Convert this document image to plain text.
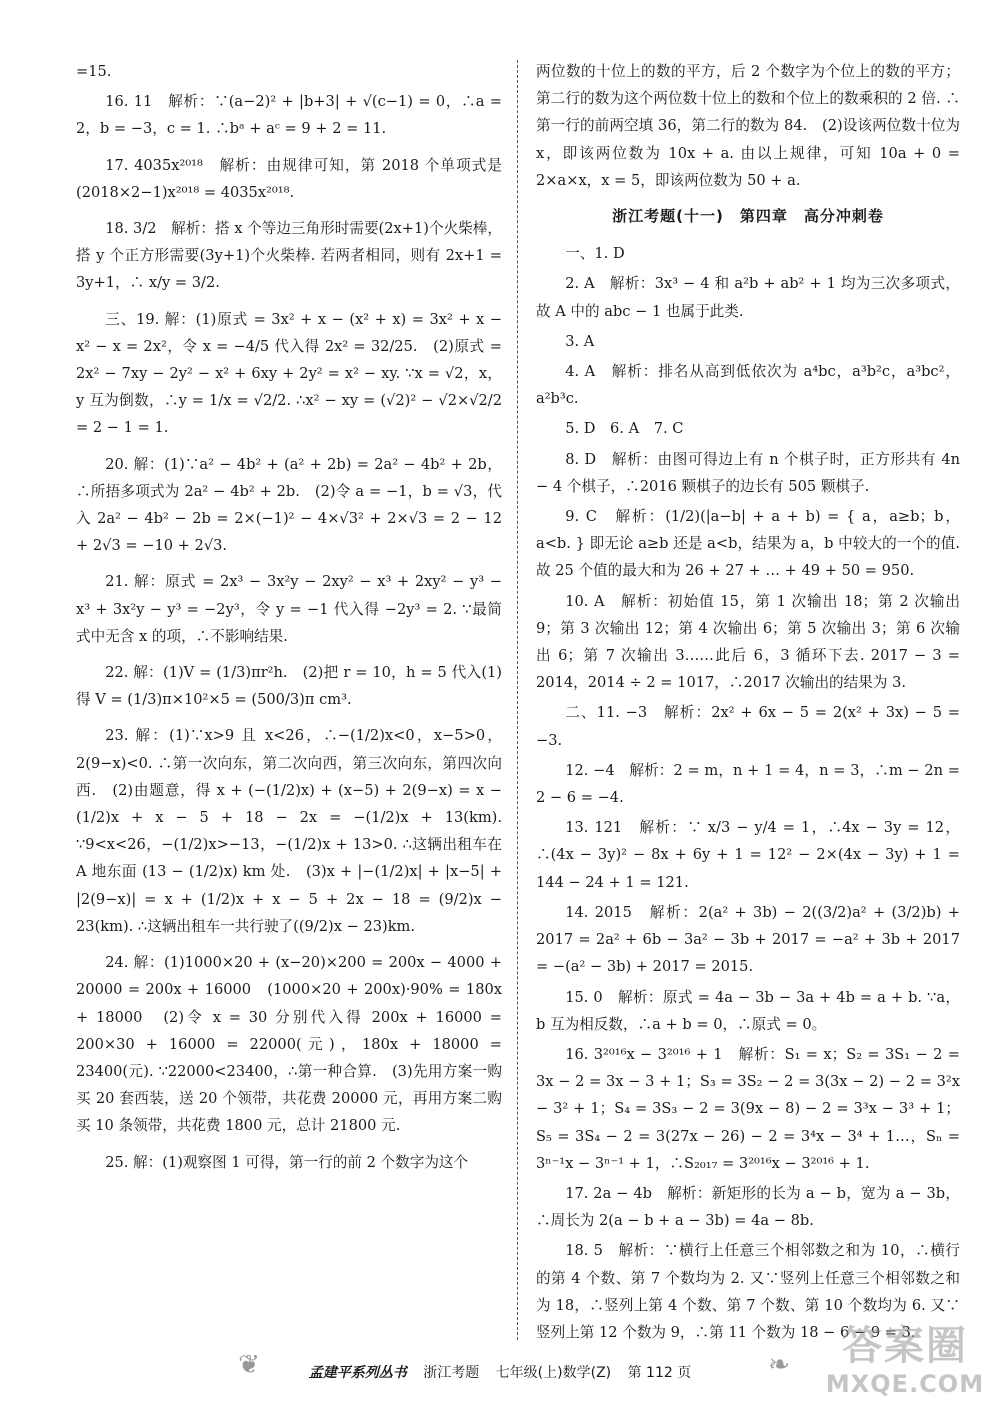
=15.

16. 11　解析：∵(a−2)² + |b+3| + √(c−1) = 0，∴a = 2，b = −3，c = 1. ∴bᵃ + aᶜ = 9 + 2 = 11.

17. 4035x²⁰¹⁸　解析：由规律可知，第 2018 个单项式是 (2018×2−1)x²⁰¹⁸ = 4035x²⁰¹⁸.

18. 3/2　解析：搭 x 个等边三角形时需要(2x+1)个火柴棒，搭 y 个正方形需要(3y+1)个火柴棒. 若两者相同，则有 2x+1 = 3y+1，∴ x/y = 3/2.

三、19. 解：(1)原式 = 3x² + x − (x² + x) = 3x² + x − x² − x = 2x²，令 x = −4/5 代入得 2x² = 32/25.　(2)原式 = 2x² − 7xy − 2y² − x² + 6xy + 2y² = x² − xy. ∵x = √2，x，y 互为倒数，∴y = 1/x = √2/2. ∴x² − xy = (√2)² − √2×√2/2 = 2 − 1 = 1.

20. 解：(1)∵a² − 4b² + (a² + 2b) = 2a² − 4b² + 2b，∴所捂多项式为 2a² − 4b² + 2b.　(2)令 a = −1，b = √3，代入 2a² − 4b² − 2b = 2×(−1)² − 4×√3² + 2×√3 = 2 − 12 + 2√3 = −10 + 2√3.

21. 解：原式 = 2x³ − 3x²y − 2xy² − x³ + 2xy² − y³ − x³ + 3x²y − y³ = −2y³，令 y = −1 代入得 −2y³ = 2. ∵最简式中无含 x 的项，∴不影响结果.

22. 解：(1)V = (1/3)πr²h.　(2)把 r = 10，h = 5 代入(1)得 V = (1/3)π×10²×5 = (500/3)π cm³.

23. 解：(1)∵x>9 且 x<26，∴−(1/2)x<0，x−5>0，2(9−x)<0. ∴第一次向东，第二次向西，第三次向东，第四次向西.　(2)由题意，得 x + (−(1/2)x) + (x−5) + 2(9−x) = x − (1/2)x + x − 5 + 18 − 2x = −(1/2)x + 13(km). ∵9<x<26，−(1/2)x>−13，−(1/2)x + 13>0. ∴这辆出租车在 A 地东面 (13 − (1/2)x) km 处.　(3)x + |−(1/2)x| + |x−5| + |2(9−x)| = x + (1/2)x + x − 5 + 2x − 18 = (9/2)x − 23(km). ∴这辆出租车一共行驶了((9/2)x − 23)km.

24. 解：(1)1000×20 + (x−20)×200 = 200x − 4000 + 20000 = 200x + 16000　(1000×20 + 200x)·90% = 180x + 18000　(2)令 x = 30 分别代入得 200x + 16000 = 200×30 + 16000 = 22000(元)，180x + 18000 = 23400(元). ∵22000<23400，∴第一种合算.　(3)先用方案一购买 20 套西装，送 20 个领带，共花费 20000 元，再用方案二购买 10 条领带，共花费 1800 元，总计 21800 元.

25. 解：(1)观察图 1 可得，第一行的前 2 个数字为这个

两位数的十位上的数的平方，后 2 个数字为个位上的数的平方；第二行的数为这个两位数十位上的数和个位上的数乘积的 2 倍. ∴第一行的前两空填 36，第二行的数为 84.　(2)设该两位数十位为 x，即该两位数为 10x + a. 由以上规律，可知 10a + 0 = 2×a×x，x = 5，即该两位数为 50 + a.

浙江考题(十一)　第四章　高分冲刺卷

一、1. D

2. A　解析：3x³ − 4 和 a²b + ab² + 1 均为三次多项式，故 A 中的 abc − 1 也属于此类.

3. A

4. A　解析：排名从高到低依次为 a⁴bc，a³b²c，a³bc²，a²b³c.

5. D　6. A　7. C

8. D　解析：由图可得边上有 n 个棋子时，正方形共有 4n − 4 个棋子，∴2016 颗棋子的边长有 505 颗棋子.

9. C　解析：(1/2)(|a−b| + a + b) = { a，a≥b；b，a<b. } 即无论 a≥b 还是 a<b，结果为 a，b 中较大的一个的值. 故 25 个值的最大和为 26 + 27 + … + 49 + 50 = 950.

10. A　解析：初始值 15，第 1 次输出 18；第 2 次输出 9；第 3 次输出 12；第 4 次输出 6；第 5 次输出 3；第 6 次输出 6；第 7 次输出 3……此后 6，3 循环下去. 2017 − 3 = 2014，2014 ÷ 2 = 1017，∴2017 次输出的结果为 3.

二、11. −3　解析：2x² + 6x − 5 = 2(x² + 3x) − 5 = −3.

12. −4　解析：2 = m，n + 1 = 4，n = 3，∴m − 2n = 2 − 6 = −4.

13. 121　解析：∵ x/3 − y/4 = 1，∴4x − 3y = 12，∴(4x − 3y)² − 8x + 6y + 1 = 12² − 2×(4x − 3y) + 1 = 144 − 24 + 1 = 121.

14. 2015　解析：2(a² + 3b) − 2((3/2)a² + (3/2)b) + 2017 = 2a² + 6b − 3a² − 3b + 2017 = −a² + 3b + 2017 = −(a² − 3b) + 2017 = 2015.

15. 0　解析：原式 = 4a − 3b − 3a + 4b = a + b. ∵a，b 互为相反数，∴a + b = 0，∴原式 = 0。

16. 3²⁰¹⁶x − 3²⁰¹⁶ + 1　解析：S₁ = x；S₂ = 3S₁ − 2 = 3x − 2 = 3x − 3 + 1；S₃ = 3S₂ − 2 = 3(3x − 2) − 2 = 3²x − 3² + 1；S₄ = 3S₃ − 2 = 3(9x − 8) − 2 = 3³x − 3³ + 1；S₅ = 3S₄ − 2 = 3(27x − 26) − 2 = 3⁴x − 3⁴ + 1…，Sₙ = 3ⁿ⁻¹x − 3ⁿ⁻¹ + 1，∴S₂₀₁₇ = 3²⁰¹⁶x − 3²⁰¹⁶ + 1.

17. 2a − 4b　解析：新矩形的长为 a − b，宽为 a − 3b，∴周长为 2(a − b + a − 3b) = 4a − 8b.

18. 5　解析：∵横行上任意三个相邻数之和为 10，∴横行的第 4 个数、第 7 个数均为 2. 又∵竖列上任意三个相邻数之和为 18，∴竖列上第 4 个数、第 7 个数、第 10 个数均为 6. 又∵竖列上第 12 个数为 9，∴第 11 个数为 18 − 6 − 9 = 3.

❦	❧
孟建平系列丛书 浙江考题 七年级(上)数学(Z) 第 112 页
答案圈
MXQE.COM
